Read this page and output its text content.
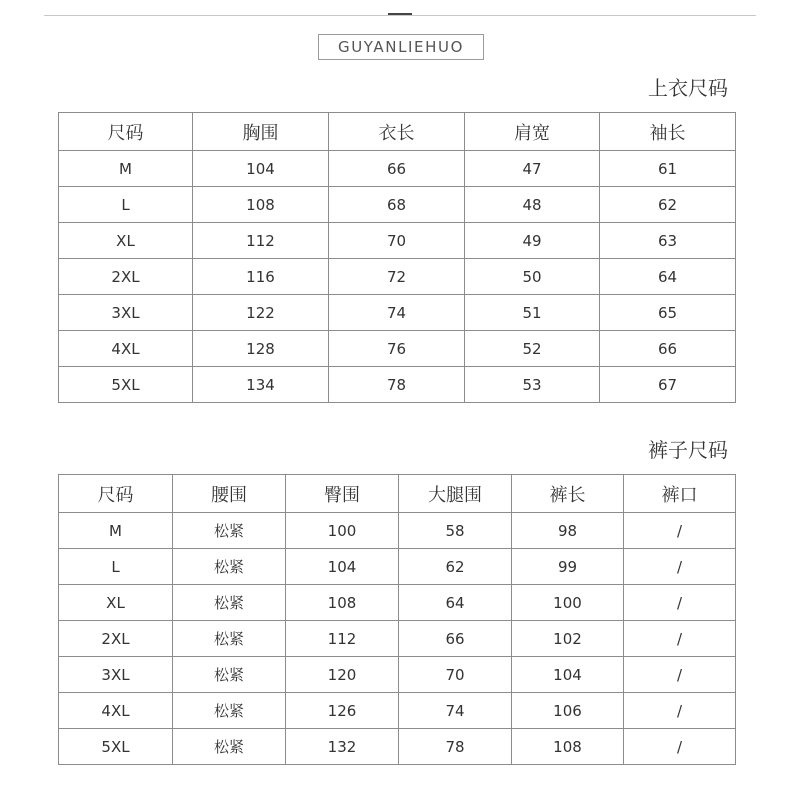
GUYANLIEHUO
上衣尺码
尺码	胸围	衣长	肩宽	袖长
M	104	66	47	61
L	108	68	48	62
XL	112	70	49	63
2XL	116	72	50	64
3XL	122	74	51	65
4XL	128	76	52	66
5XL	134	78	53	67
裤子尺码
尺码	腰围	臀围	大腿围	裤长	裤口
M	松紧	100	58	98	/
L	松紧	104	62	99	/
XL	松紧	108	64	100	/
2XL	松紧	112	66	102	/
3XL	松紧	120	70	104	/
4XL	松紧	126	74	106	/
5XL	松紧	132	78	108	/
